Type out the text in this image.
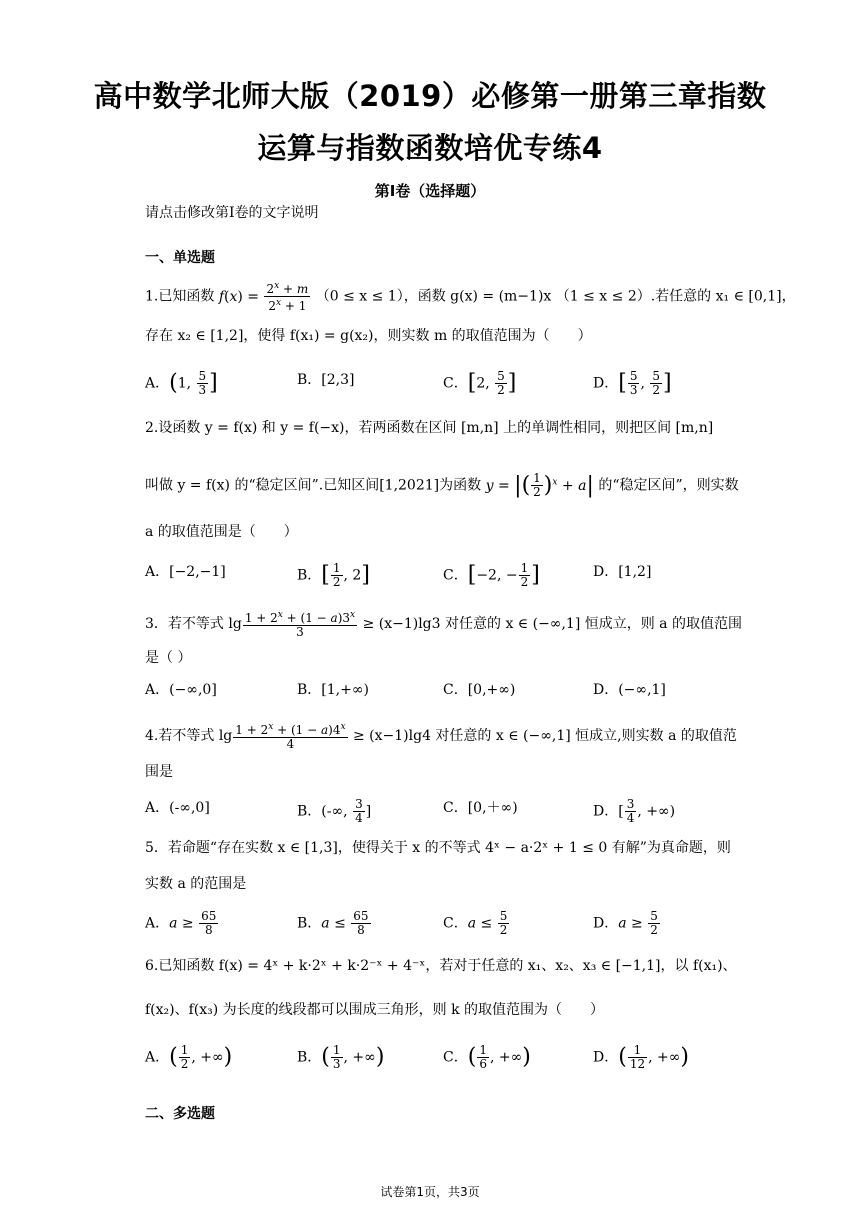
高中数学北师大版（2019）必修第一册第三章指数
运算与指数函数培优专练4
第I卷（选择题）
请点击修改第I卷的文字说明
一、单选题
1.已知函数 $f(x) = \frac{2^x + m}{2^x + 1} (0 \le x \le 1)$，函数 g(x) = (m−1)x （1 ≤ x ≤ 2）.若任意的 x₁ ∈ [0,1]，
存在 x₂ ∈ [1,2]，使得 f(x₁) = g(x₂)，则实数 m 的取值范围为（　　）
A．(1, $\frac{5}{3}$ ]	B．[2,3]	C．[2, $\frac{5}{2}$ ]	D．[ $\frac{5}{3}$ , $\frac{5}{2}$ ]
2.设函数 y = f(x) 和 y = f(−x)，若两函数在区间 [m,n] 上的单调性相同，则把区间 [m,n]
叫做 y = f(x) 的“稳定区间”.已知区间[1,2021]为函数 y = |( $\frac{1}{2} )^x + a|$ 的“稳定区间”，则实数
a 的取值范围是（　　）
A．[−2,−1]	B．[ $\frac{1}{2}$ , 2]	C．[−2, − $\frac{1}{2}$ ]	D．[1,2]
3．若不等式 $\lg \frac{1 + 2^x + (1 - a)3^x}{3} \ge (x-1)\lg 3$ 对任意的 x ∈ (−∞,1] 恒成立，则 a 的取值范围
是（ ）
A．(−∞,0]	B．[1,+∞)	C．[0,+∞)	D．(−∞,1]
4.若不等式 $\lg \frac{1 + 2^x + (1 - a)4^x}{4} \ge (x-1)\lg 4$ 对任意的 x ∈ (−∞,1] 恒成立,则实数 a 的取值范
围是
A．(-∞,0]	B．(-∞, $\frac{3}{4}$ ]	C．[0,＋∞)	D．[ $\frac{3}{4}$ , +∞)
5．若命题“存在实数 x ∈ [1,3]，使得关于 x 的不等式 4ˣ − a·2ˣ + 1 ≤ 0 有解”为真命题，则
实数 a 的范围是
A．$a \ge \frac{65}{8}$	B．$a \le \frac{65}{8}$	C．$a \le \frac{5}{2}$	D．$a \ge \frac{5}{2}$
6.已知函数 f(x) = 4ˣ + k·2ˣ + k·2⁻ˣ + 4⁻ˣ，若对于任意的 x₁、x₂、x₃ ∈ [−1,1]，以 f(x₁)、
f(x₂)、f(x₃) 为长度的线段都可以围成三角形，则 k 的取值范围为（　　）
A．( $\frac{1}{2}$ , +∞)	B．( $\frac{1}{3}$ , +∞)	C．( $\frac{1}{6}$ , +∞)	D．( $\frac{1}{12}$ , +∞)
二、多选题
试卷第1页，共3页
